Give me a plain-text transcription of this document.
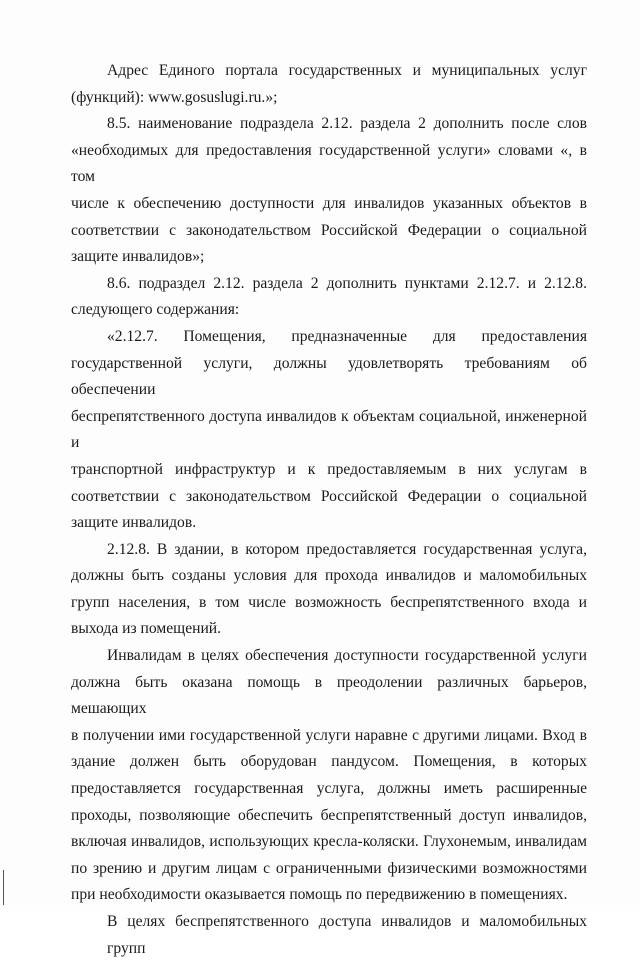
Адрес Единого портала государственных и муниципальных услуг
(функций): www.gosuslugi.ru.»;

8.5. наименование подраздела 2.12. раздела 2 дополнить после слов
«необходимых для предоставления государственной услуги» словами «, в том
числе к обеспечению доступности для инвалидов указанных объектов в
соответствии с законодательством Российской Федерации о социальной
защите инвалидов»;

8.6. подраздел 2.12. раздела 2 дополнить пунктами 2.12.7. и 2.12.8.
следующего содержания:

«2.12.7. Помещения, предназначенные для предоставления
государственной услуги, должны удовлетворять требованиям об обеспечении
беспрепятственного доступа инвалидов к объектам социальной, инженерной и
транспортной инфраструктур и к предоставляемым в них услугам в
соответствии с законодательством Российской Федерации о социальной
защите инвалидов.

2.12.8. В здании, в котором предоставляется государственная услуга,
должны быть созданы условия для прохода инвалидов и маломобильных
групп населения, в том числе возможность беспрепятственного входа и
выхода из помещений.

Инвалидам в целях обеспечения доступности государственной услуги
должна быть оказана помощь в преодолении различных барьеров, мешающих
в получении ими государственной услуги наравне с другими лицами. Вход в
здание должен быть оборудован пандусом. Помещения, в которых
предоставляется государственная услуга, должны иметь расширенные
проходы, позволяющие обеспечить беспрепятственный доступ инвалидов,
включая инвалидов, использующих кресла-коляски. Глухонемым, инвалидам
по зрению и другим лицам с ограниченными физическими возможностями
при необходимости оказывается помощь по передвижению в помещениях.

В целях беспрепятственного доступа инвалидов и маломобильных групп
